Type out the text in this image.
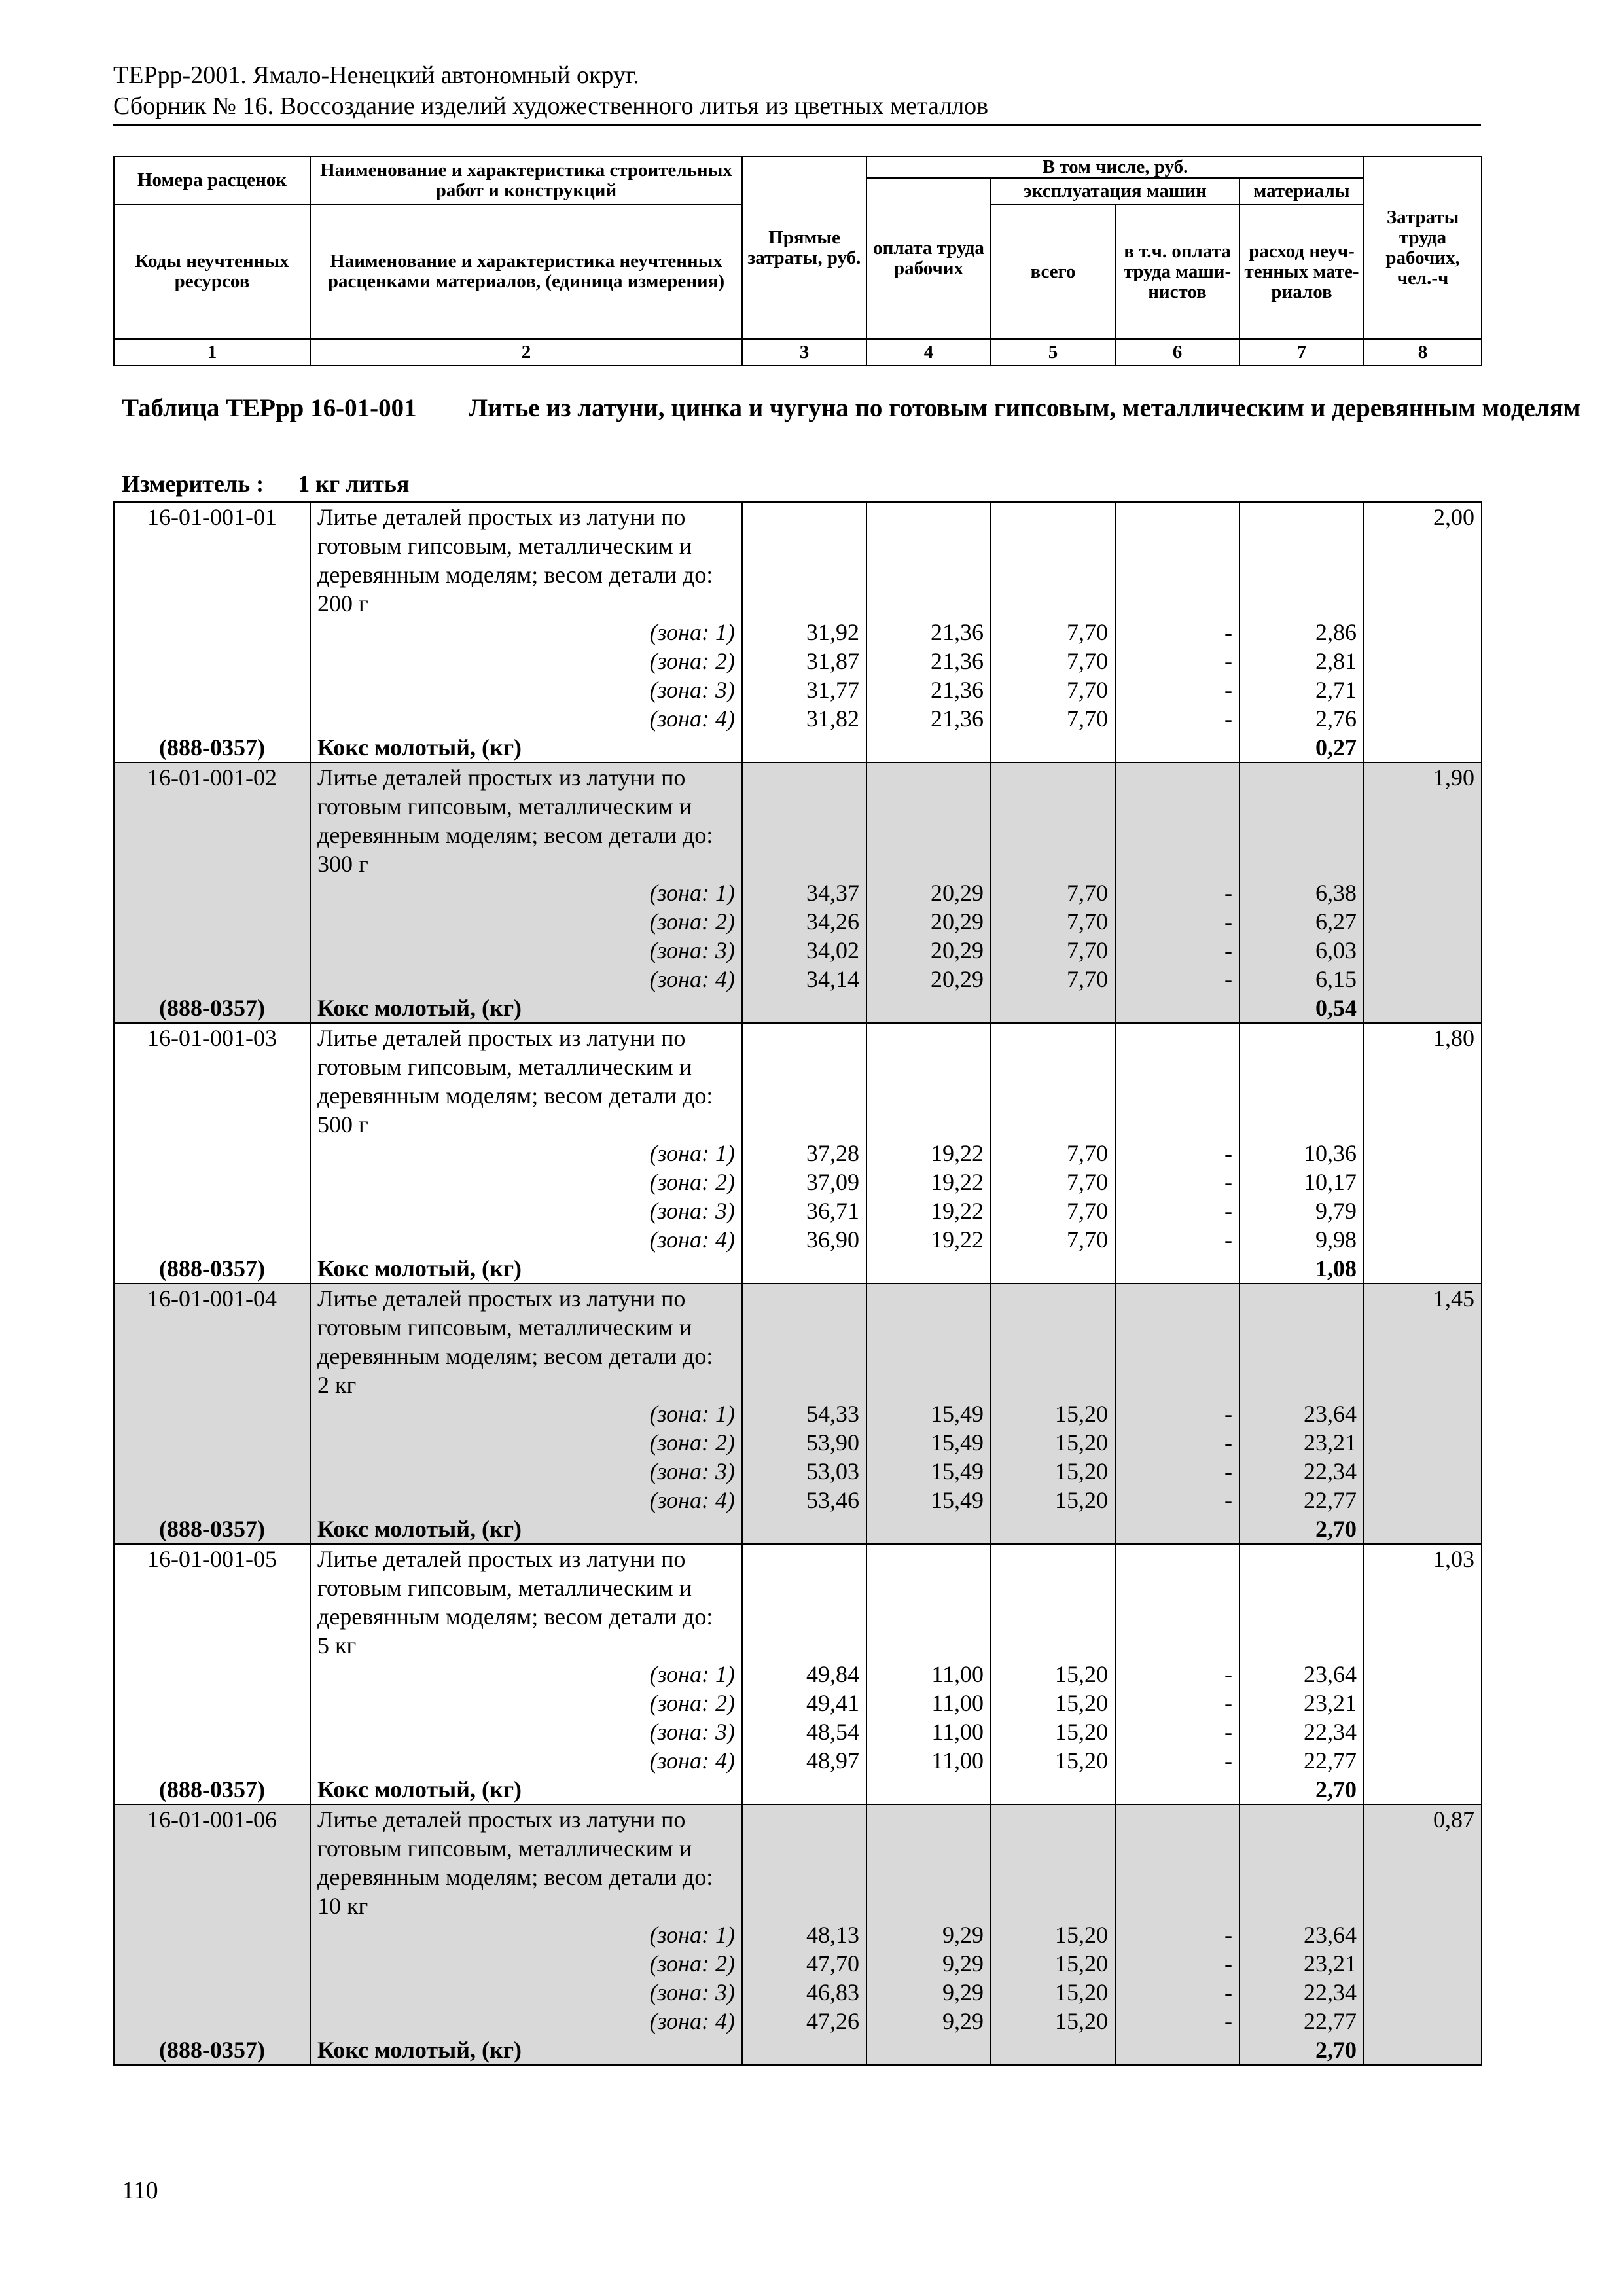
ТЕРрр-2001. Ямало-Ненецкий автономный округ.
Сборник № 16. Воссоздание изделий художественного литья из цветных металлов
Номера расценок	Наименование и характеристика строительных работ и конструкций	Прямые затраты, руб.	В том числе, руб.				Затраты труда рабочих, чел.-ч
			оплата труда рабочих	эксплуатация машин		материалы	
Коды неучтенных ресурсов	Наименование и характеристика неучтенных расценками материалов, (единица измерения)			всего	в т.ч. оплата труда маши-нистов	расход неуч-тенных мате-риалов	

1	2	3	4	5	6	7	8
Таблица ТЕРрр 16-01-001 Литье из латуни, цинка и чугуна по готовым гипсовым, металлическим и деревянным моделям
Измеритель : 1 кг литья
16-01-001-01	Литье деталей простых из латуни по						2,00
	готовым гипсовым, металлическим и						
	деревянным моделям; весом детали до:						
	200 г						
	(зона: 1)	31,92	21,36	7,70	-	2,86	
	(зона: 2)	31,87	21,36	7,70	-	2,81	
	(зона: 3)	31,77	21,36	7,70	-	2,71	
	(зона: 4)	31,82	21,36	7,70	-	2,76	
(888-0357)	Кокс молотый, (кг)					0,27	
16-01-001-02	Литье деталей простых из латуни по						1,90
	готовым гипсовым, металлическим и						
	деревянным моделям; весом детали до:						
	300 г						
	(зона: 1)	34,37	20,29	7,70	-	6,38	
	(зона: 2)	34,26	20,29	7,70	-	6,27	
	(зона: 3)	34,02	20,29	7,70	-	6,03	
	(зона: 4)	34,14	20,29	7,70	-	6,15	
(888-0357)	Кокс молотый, (кг)					0,54	
16-01-001-03	Литье деталей простых из латуни по						1,80
	готовым гипсовым, металлическим и						
	деревянным моделям; весом детали до:						
	500 г						
	(зона: 1)	37,28	19,22	7,70	-	10,36	
	(зона: 2)	37,09	19,22	7,70	-	10,17	
	(зона: 3)	36,71	19,22	7,70	-	9,79	
	(зона: 4)	36,90	19,22	7,70	-	9,98	
(888-0357)	Кокс молотый, (кг)					1,08	
16-01-001-04	Литье деталей простых из латуни по						1,45
	готовым гипсовым, металлическим и						
	деревянным моделям; весом детали до:						
	2 кг						
	(зона: 1)	54,33	15,49	15,20	-	23,64	
	(зона: 2)	53,90	15,49	15,20	-	23,21	
	(зона: 3)	53,03	15,49	15,20	-	22,34	
	(зона: 4)	53,46	15,49	15,20	-	22,77	
(888-0357)	Кокс молотый, (кг)					2,70	
16-01-001-05	Литье деталей простых из латуни по						1,03
	готовым гипсовым, металлическим и						
	деревянным моделям; весом детали до:						
	5 кг						
	(зона: 1)	49,84	11,00	15,20	-	23,64	
	(зона: 2)	49,41	11,00	15,20	-	23,21	
	(зона: 3)	48,54	11,00	15,20	-	22,34	
	(зона: 4)	48,97	11,00	15,20	-	22,77	
(888-0357)	Кокс молотый, (кг)					2,70	
16-01-001-06	Литье деталей простых из латуни по						0,87
	готовым гипсовым, металлическим и						
	деревянным моделям; весом детали до:						
	10 кг						
	(зона: 1)	48,13	9,29	15,20	-	23,64	
	(зона: 2)	47,70	9,29	15,20	-	23,21	
	(зона: 3)	46,83	9,29	15,20	-	22,34	
	(зона: 4)	47,26	9,29	15,20	-	22,77	
(888-0357)	Кокс молотый, (кг)					2,70	
110
